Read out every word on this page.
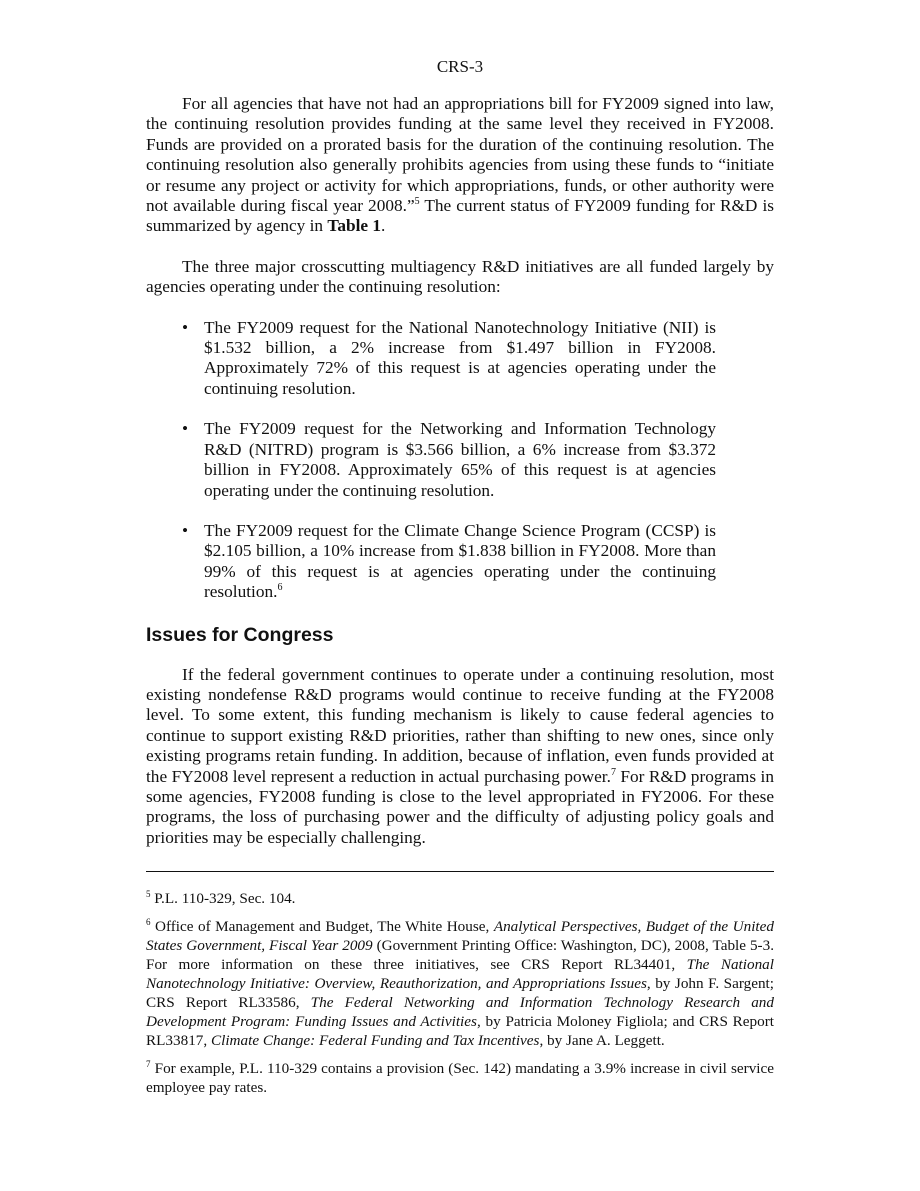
CRS-3

For all agencies that have not had an appropriations bill for FY2009 signed into law, the continuing resolution provides funding at the same level they received in FY2008. Funds are provided on a prorated basis for the duration of the continuing resolution. The continuing resolution also generally prohibits agencies from using these funds to “initiate or resume any project or activity for which appropriations, funds, or other authority were not available during fiscal year 2008.”$^5$ The current status of FY2009 funding for R&D is summarized by agency in Table 1.

The three major crosscutting multiagency R&D initiatives are all funded largely by agencies operating under the continuing resolution:

• The FY2009 request for the National Nanotechnology Initiative (NII) is $1.532 billion, a 2% increase from $1.497 billion in FY2008. Approximately 72% of this request is at agencies operating under the continuing resolution.
• The FY2009 request for the Networking and Information Technology R&D (NITRD) program is $3.566 billion, a 6% increase from $3.372 billion in FY2008. Approximately 65% of this request is at agencies operating under the continuing resolution.
• The FY2009 request for the Climate Change Science Program (CCSP) is $2.105 billion, a 10% increase from $1.838 billion in FY2008. More than 99% of this request is at agencies operating under the continuing resolution.$^6$
Issues for Congress

If the federal government continues to operate under a continuing resolution, most existing nondefense R&D programs would continue to receive funding at the FY2008 level. To some extent, this funding mechanism is likely to cause federal agencies to continue to support existing R&D priorities, rather than shifting to new ones, since only existing programs retain funding. In addition, because of inflation, even funds provided at the FY2008 level represent a reduction in actual purchasing power.$^7$ For R&D programs in some agencies, FY2008 funding is close to the level appropriated in FY2006. For these programs, the loss of purchasing power and the difficulty of adjusting policy goals and priorities may be especially challenging.

$^5$ P.L. 110-329, Sec. 104.

$^6$ Office of Management and Budget, The White House, Analytical Perspectives, Budget of the United States Government, Fiscal Year 2009 (Government Printing Office: Washington, DC), 2008, Table 5-3. For more information on these three initiatives, see CRS Report RL34401, The National Nanotechnology Initiative: Overview, Reauthorization, and Appropriations Issues, by John F. Sargent; CRS Report RL33586, The Federal Networking and Information Technology Research and Development Program: Funding Issues and Activities, by Patricia Moloney Figliola; and CRS Report RL33817, Climate Change: Federal Funding and Tax Incentives, by Jane A. Leggett.

$^7$ For example, P.L. 110-329 contains a provision (Sec. 142) mandating a 3.9% increase in civil service employee pay rates.
